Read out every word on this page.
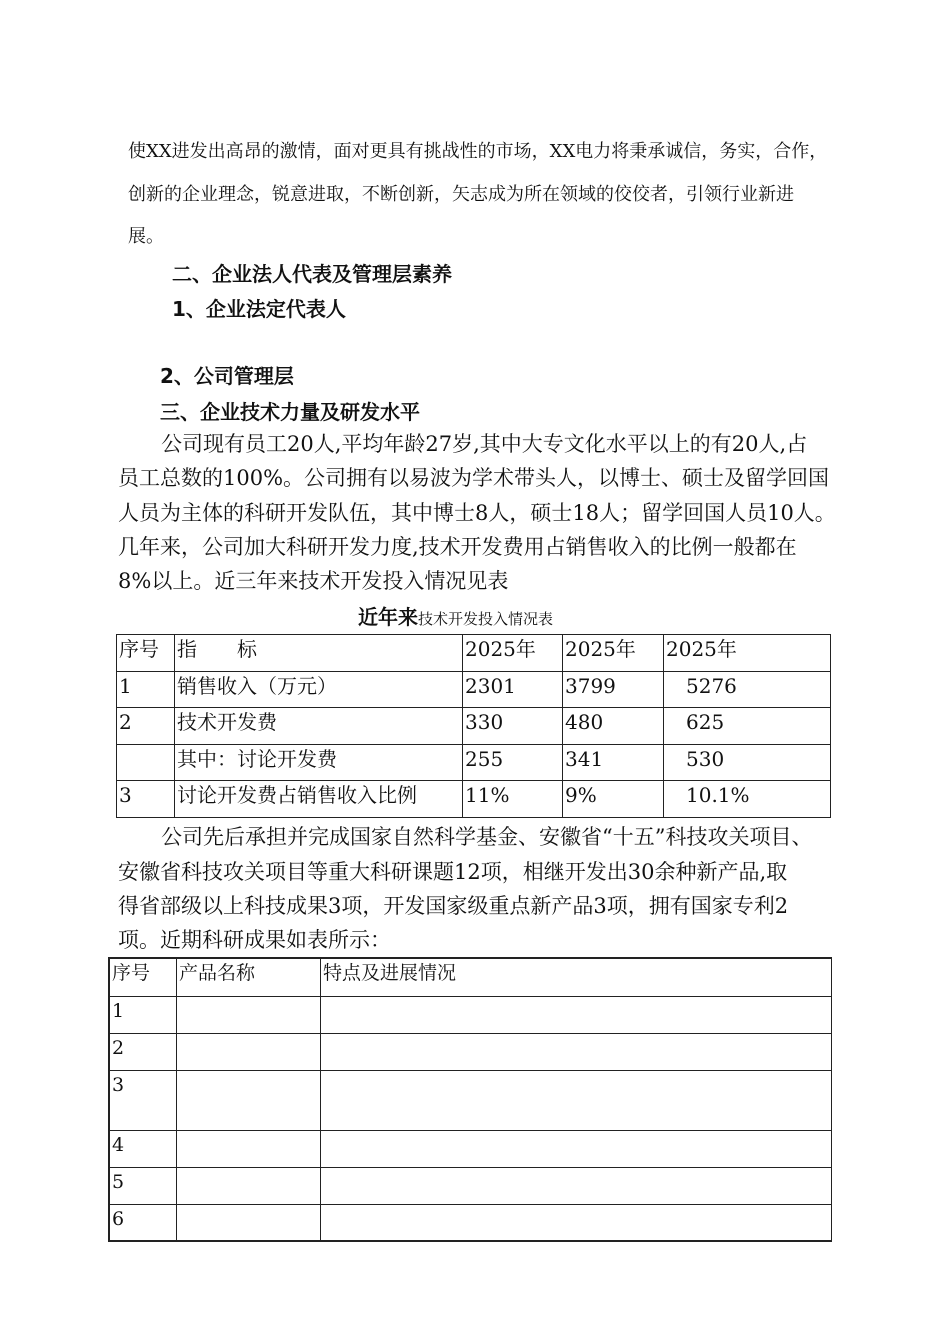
使XX进发出高昂的激情，面对更具有挑战性的市场，XX电力将秉承诚信，务实，合作，
创新的企业理念，锐意进取，不断创新，矢志成为所在领域的佼佼者，引领行业新进
展。
二、企业法人代表及管理层素养
1、企业法定代表人
2、公司管理层
三、企业技术力量及研发水平
公司现有员工20人,平均年龄27岁,其中大专文化水平以上的有20人,占
员工总数的100%。公司拥有以易波为学术带头人，以博士、硕士及留学回国
人员为主体的科研开发队伍，其中博士8人，硕士18人；留学回国人员10人。
几年来，公司加大科研开发力度,技术开发费用占销售收入的比例一般都在
8%以上。近三年来技术开发投入情况见表
近年来技术开发投入情况表
序号	指　　标	2025年	2025年	2025年
1	销售收入（万元）	2301	3799	5276
2	技术开发费	330	480	625
	其中：讨论开发费	255	341	530
3	讨论开发费占销售收入比例	11%	9%	10.1%
公司先后承担并完成国家自然科学基金、安徽省“十五”科技攻关项目、
安徽省科技攻关项目等重大科研课题12项，相继开发出30余种新产品,取
得省部级以上科技成果3项，开发国家级重点新产品3项，拥有国家专利2
项。近期科研成果如表所示：
序号	产品名称	特点及进展情况
1		
2		
3		
4		
5		
6		
